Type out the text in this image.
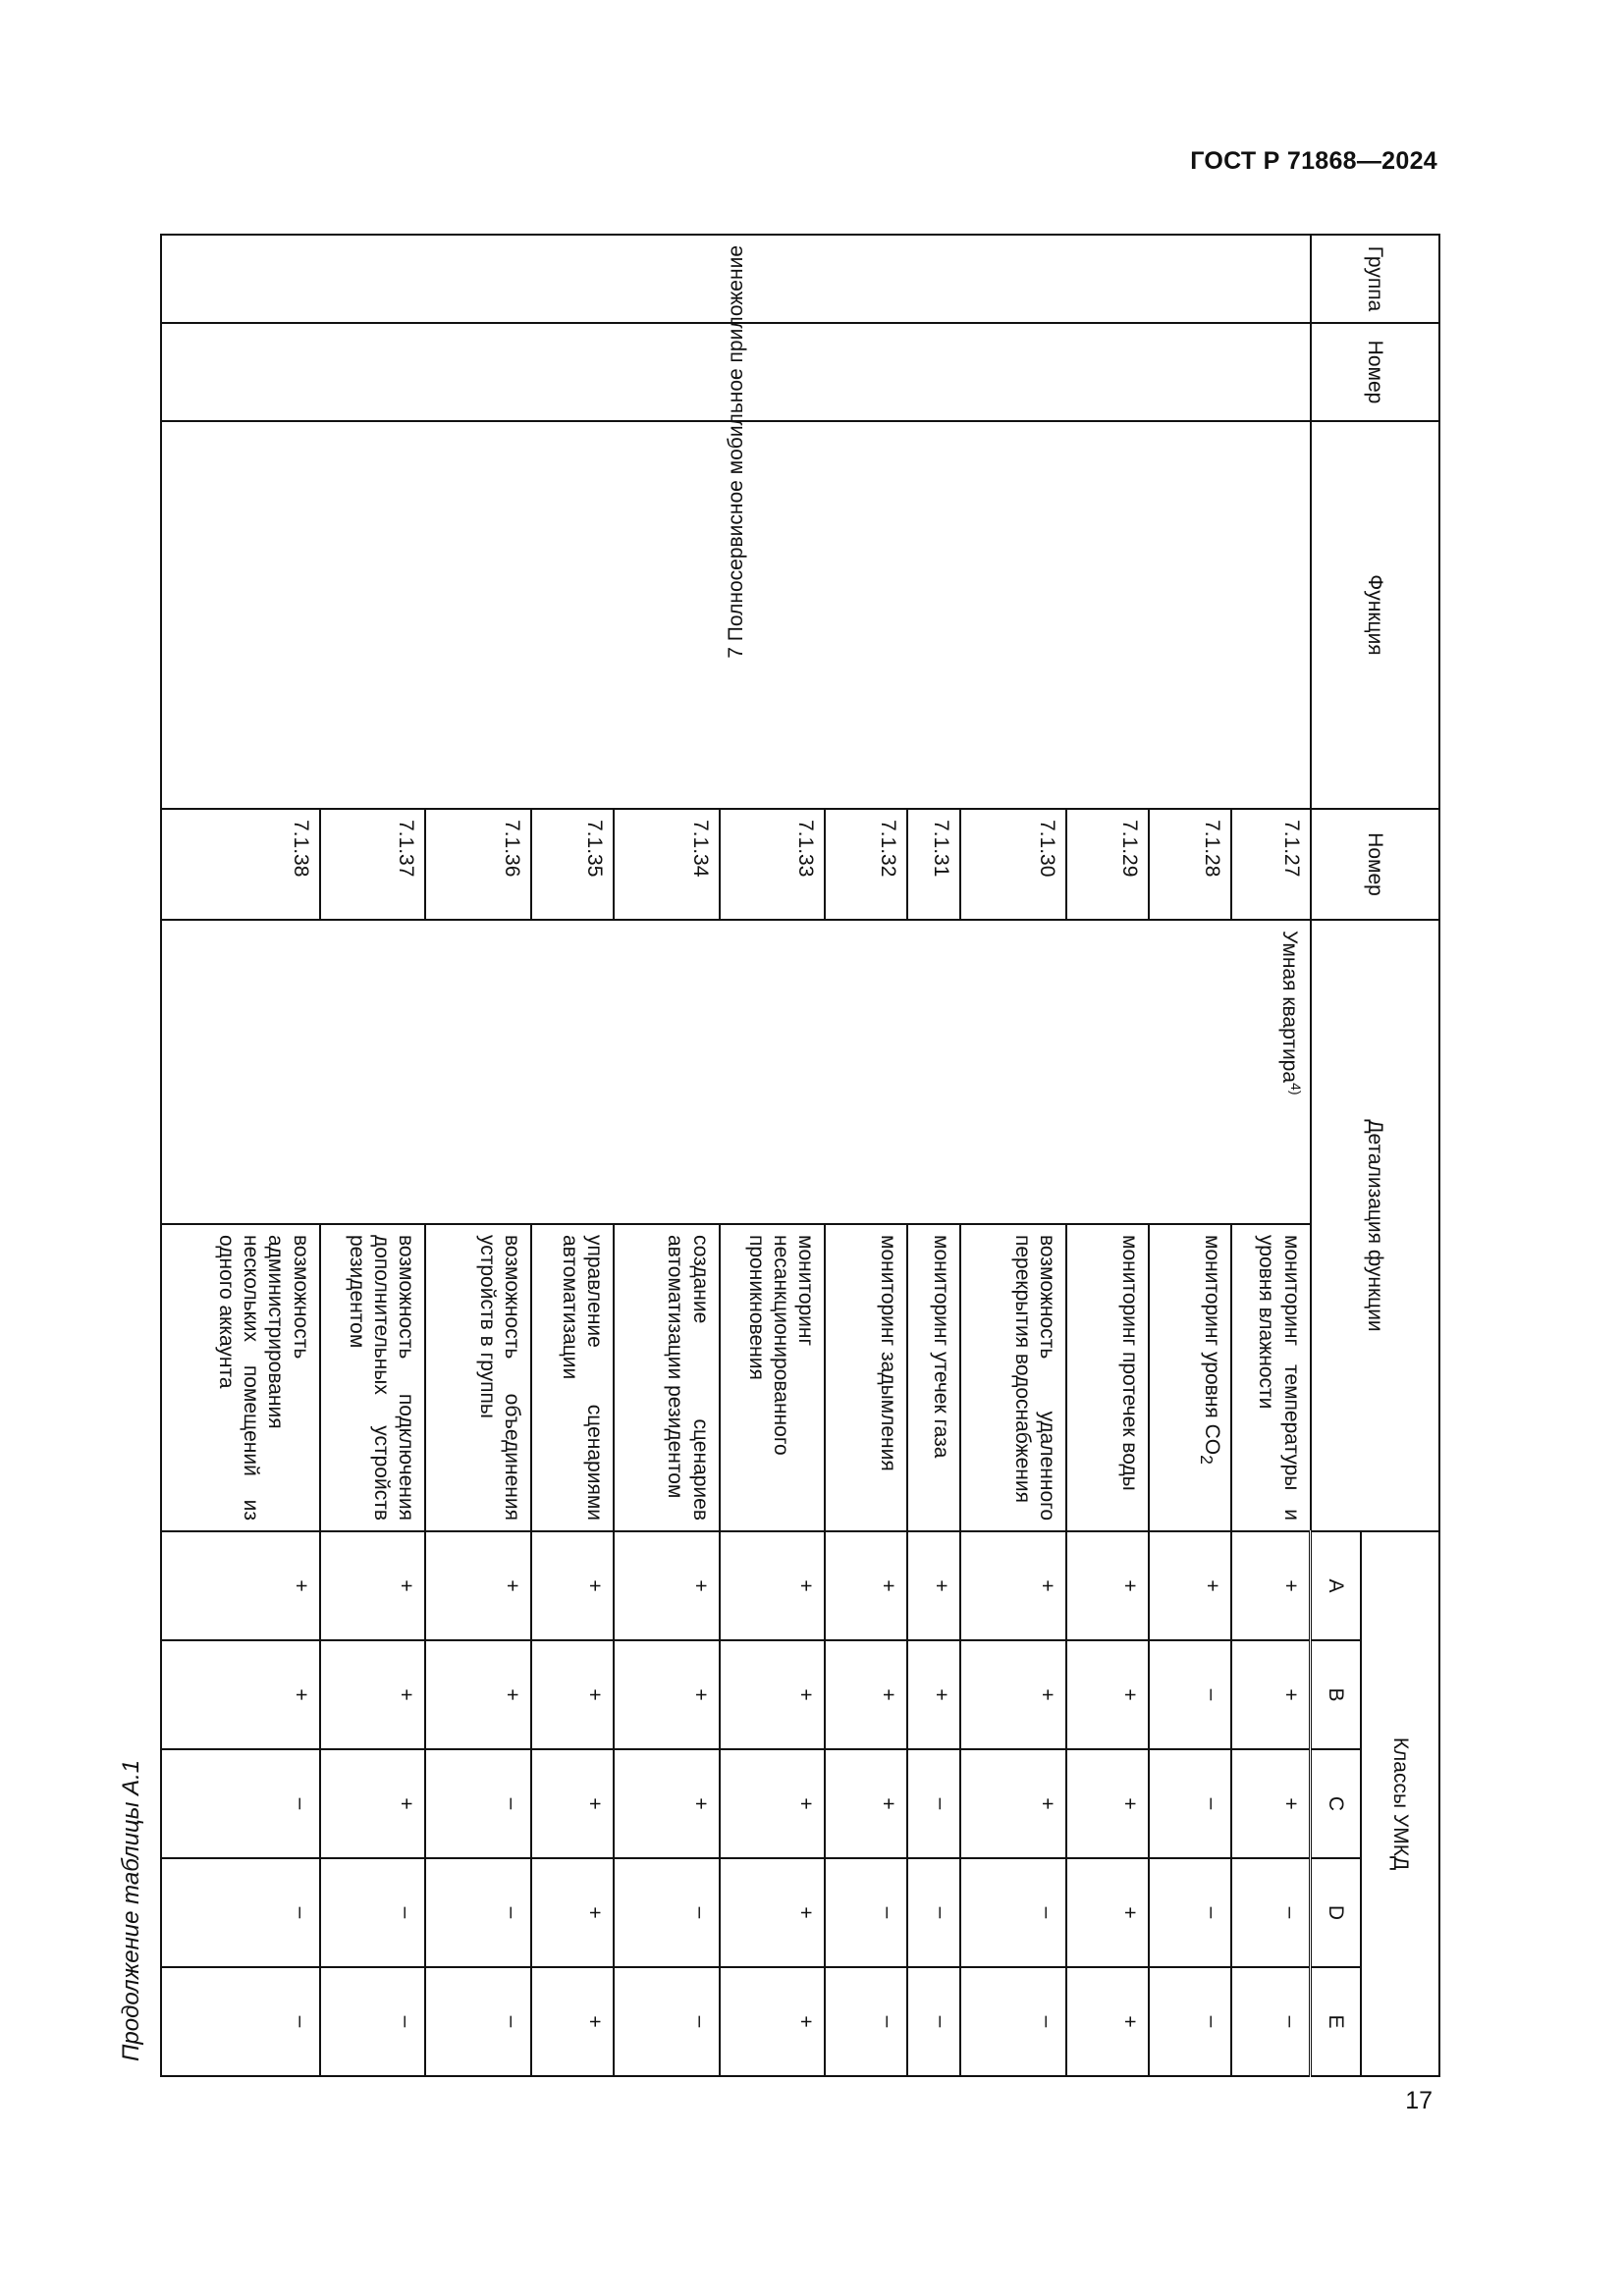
ГОСТ Р 71868—2024
Продолжение таблицы А.1
Группа	Номер	Функция	Номер	Детализация функции		Классы УМКД				
						A	B	C	D	E
7 Полносервисное мобильное приложение			7.1.27	Умная квартира$^{4)}$	мониторинг температуры и уровня влажности	+	+	+	–	–
			7.1.28		мониторинг уровня $CO_2$	+	–	–	–	–
			7.1.29		мониторинг протечек воды	+	+	+	+	+
			7.1.30		возможность удаленного перекрытия водоснабжения	+	+	+	–	–
			7.1.31		мониторинг утечек газа	+	+	–	–	–
			7.1.32		мониторинг задымления	+	+	+	–	–
			7.1.33		мониторинг несанкционированного проникновения	+	+	+	+	+
			7.1.34		создание сценариев автоматизации резидентом	+	+	+	–	–
			7.1.35		управление сценариями автоматизации	+	+	+	+	+
			7.1.36		возможность объединения устройств в группы	+	+	–	–	–
			7.1.37		возможность подключения дополнительных устройств резидентом	+	+	+	–	–
			7.1.38		возможность администрирования нескольких помещений из одного аккаунта	+	+	–	–	–
17
